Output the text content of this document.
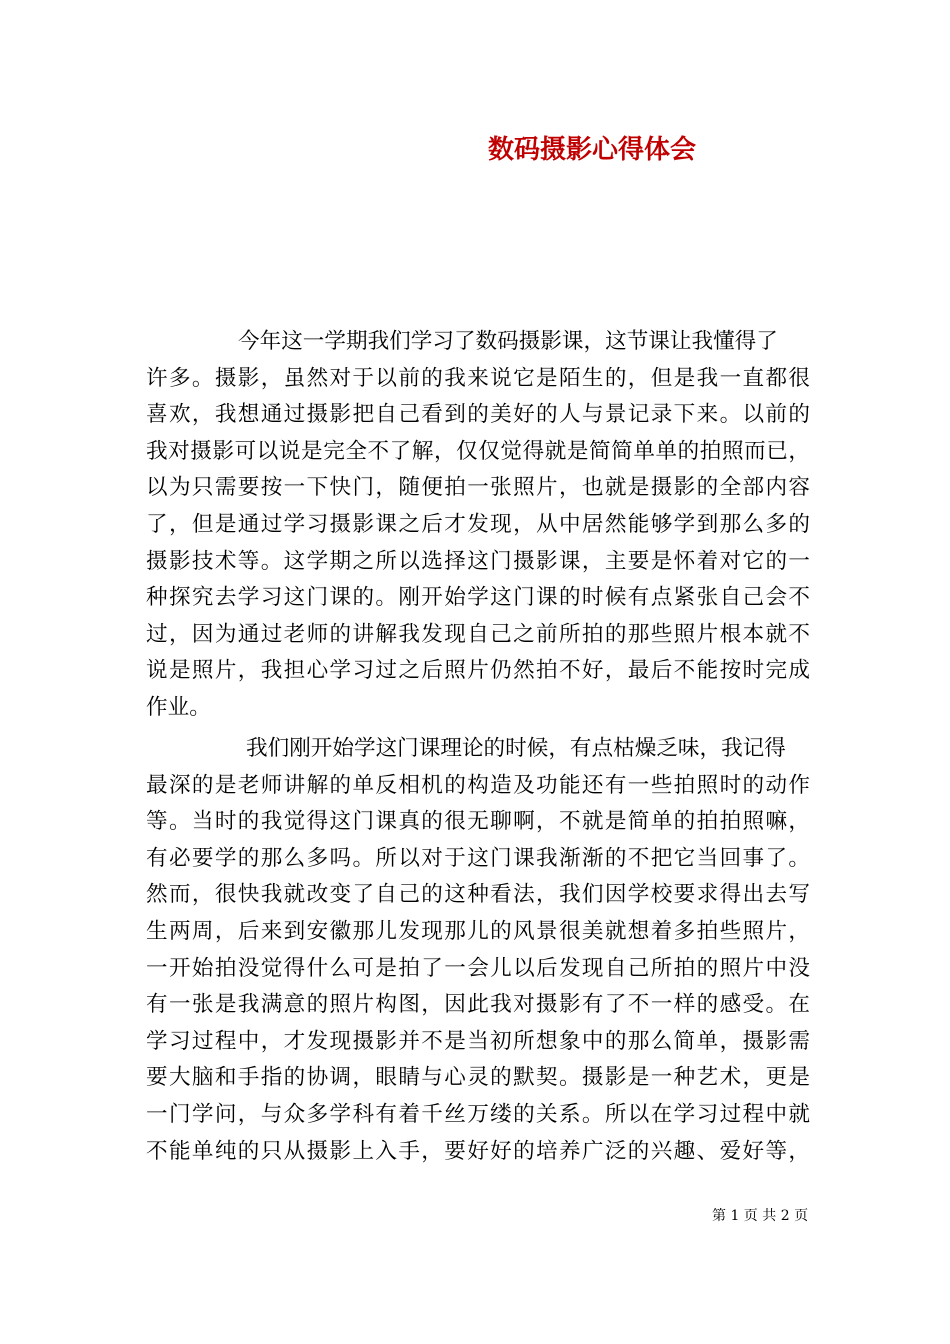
数码摄影心得体会
今年这一学期我们学习了数码摄影课，这节课让我懂得了
许多。摄影，虽然对于以前的我来说它是陌生的，但是我一直都很
喜欢，我想通过摄影把自己看到的美好的人与景记录下来。以前的
我对摄影可以说是完全不了解，仅仅觉得就是简简单单的拍照而已，
以为只需要按一下快门，随便拍一张照片，也就是摄影的全部内容
了，但是通过学习摄影课之后才发现，从中居然能够学到那么多的
摄影技术等。这学期之所以选择这门摄影课，主要是怀着对它的一
种探究去学习这门课的。刚开始学这门课的时候有点紧张自己会不
过，因为通过老师的讲解我发现自己之前所拍的那些照片根本就不
说是照片，我担心学习过之后照片仍然拍不好，最后不能按时完成
作业。
我们刚开始学这门课理论的时候，有点枯燥乏味，我记得
最深的是老师讲解的单反相机的构造及功能还有一些拍照时的动作
等。当时的我觉得这门课真的很无聊啊，不就是简单的拍拍照嘛，
有必要学的那么多吗。所以对于这门课我渐渐的不把它当回事了。
然而，很快我就改变了自己的这种看法，我们因学校要求得出去写
生两周，后来到安徽那儿发现那儿的风景很美就想着多拍些照片，
一开始拍没觉得什么可是拍了一会儿以后发现自己所拍的照片中没
有一张是我满意的照片构图，因此我对摄影有了不一样的感受。在
学习过程中，才发现摄影并不是当初所想象中的那么简单，摄影需
要大脑和手指的协调，眼睛与心灵的默契。摄影是一种艺术，更是
一门学问，与众多学科有着千丝万缕的关系。所以在学习过程中就
不能单纯的只从摄影上入手，要好好的培养广泛的兴趣、爱好等，
第 1 页 共 2 页
